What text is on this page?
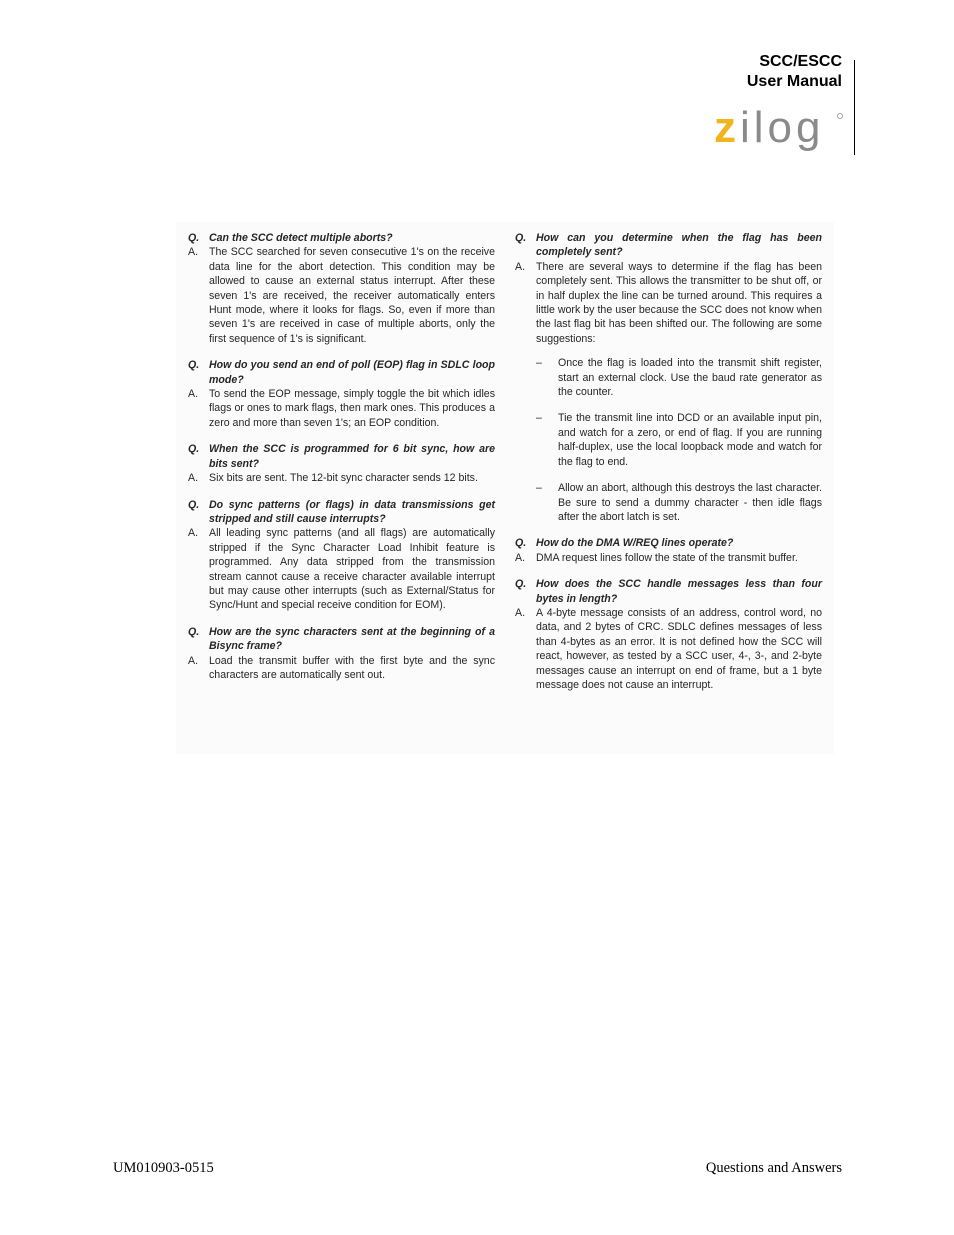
SCC/ESCC
User Manual
zilog
Q. Can the SCC detect multiple aborts?
A.	The SCC searched for seven consecutive 1's on the receive data line for the abort detection. This condition may be allowed to cause an external status interrupt. After these seven 1's are received, the receiver automatically enters Hunt mode, where it looks for flags. So, even if more than seven 1's are received in case of multiple aborts, only the first sequence of 1's is significant.
Q. How do you send an end of poll (EOP) flag in SDLC loop mode?
A.	To send the EOP message, simply toggle the bit which idles flags or ones to mark flags, then mark ones. This produces a zero and more than seven 1's; an EOP condition.
Q. When the SCC is programmed for 6 bit sync, how are bits sent?
A.	Six bits are sent. The 12-bit sync character sends 12 bits.
Q. Do sync patterns (or flags) in data transmissions get stripped and still cause interrupts?
A.	All leading sync patterns (and all flags) are automatically stripped if the Sync Character Load Inhibit feature is programmed. Any data stripped from the transmission stream cannot cause a receive character available interrupt but may cause other interrupts (such as External/Status for Sync/Hunt and special receive condition for EOM).
Q. How are the sync characters sent at the beginning of a Bisync frame?
A.	Load the transmit buffer with the first byte and the sync characters are automatically sent out.
Q. How can you determine when the flag has been completely sent?
A.	There are several ways to determine if the flag has been completely sent. This allows the transmitter to be shut off, or in half duplex the line can be turned around. This requires a little work by the user because the SCC does not know when the last flag bit has been shifted our. The following are some suggestions:
–	Once the flag is loaded into the transmit shift register, start an external clock. Use the baud rate generator as the counter.
–	Tie the transmit line into DCD or an available input pin, and watch for a zero, or end of flag. If you are running half-duplex, use the local loopback mode and watch for the flag to end.
–	Allow an abort, although this destroys the last character. Be sure to send a dummy character - then idle flags after the abort latch is set.
Q. How do the DMA W/REQ lines operate?
A.	DMA request lines follow the state of the transmit buffer.
Q. How does the SCC handle messages less than four bytes in length?
A.	A 4-byte message consists of an address, control word, no data, and 2 bytes of CRC. SDLC defines messages of less than 4-bytes as an error. It is not defined how the SCC will react, however, as tested by a SCC user, 4-, 3-, and 2-byte messages cause an interrupt on end of frame, but a 1 byte message does not cause an interrupt.
UM010903-0515	Questions and Answers
